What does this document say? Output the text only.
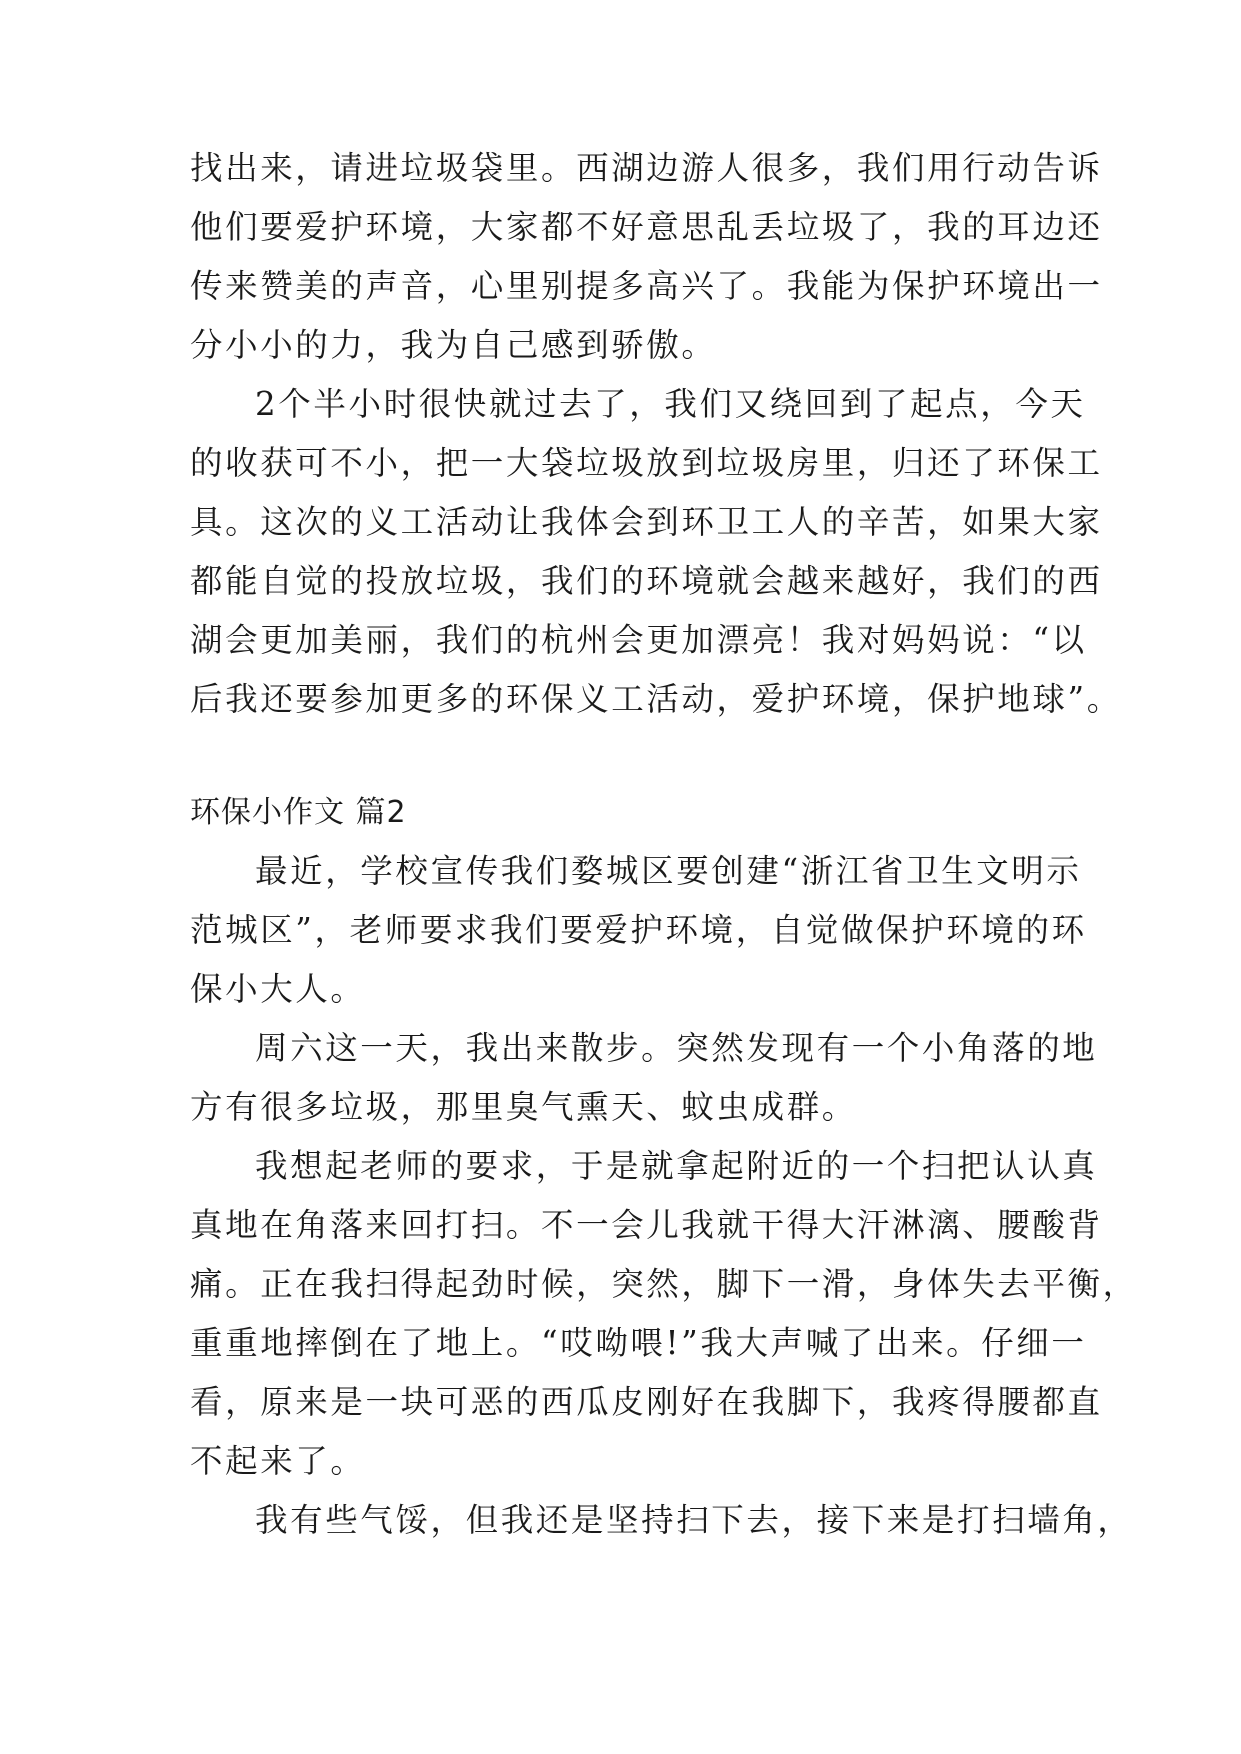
找出来，请进垃圾袋里。西湖边游人很多，我们用行动告诉
他们要爱护环境，大家都不好意思乱丢垃圾了，我的耳边还
传来赞美的声音，心里别提多高兴了。我能为保护环境出一
分小小的力，我为自己感到骄傲。
2个半小时很快就过去了，我们又绕回到了起点，今天
的收获可不小，把一大袋垃圾放到垃圾房里，归还了环保工
具。这次的义工活动让我体会到环卫工人的辛苦，如果大家
都能自觉的投放垃圾，我们的环境就会越来越好，我们的西
湖会更加美丽，我们的杭州会更加漂亮！我对妈妈说：“以
后我还要参加更多的环保义工活动，爱护环境，保护地球”。
环保小作文 篇2
最近，学校宣传我们婺城区要创建“浙江省卫生文明示
范城区”，老师要求我们要爱护环境，自觉做保护环境的环
保小大人。
周六这一天，我出来散步。突然发现有一个小角落的地
方有很多垃圾，那里臭气熏天、蚊虫成群。
我想起老师的要求，于是就拿起附近的一个扫把认认真
真地在角落来回打扫。不一会儿我就干得大汗淋漓、腰酸背
痛。正在我扫得起劲时候，突然，脚下一滑，身体失去平衡，
重重地摔倒在了地上。“哎呦喂!”我大声喊了出来。仔细一
看，原来是一块可恶的西瓜皮刚好在我脚下，我疼得腰都直
不起来了。
我有些气馁，但我还是坚持扫下去，接下来是打扫墙角，
